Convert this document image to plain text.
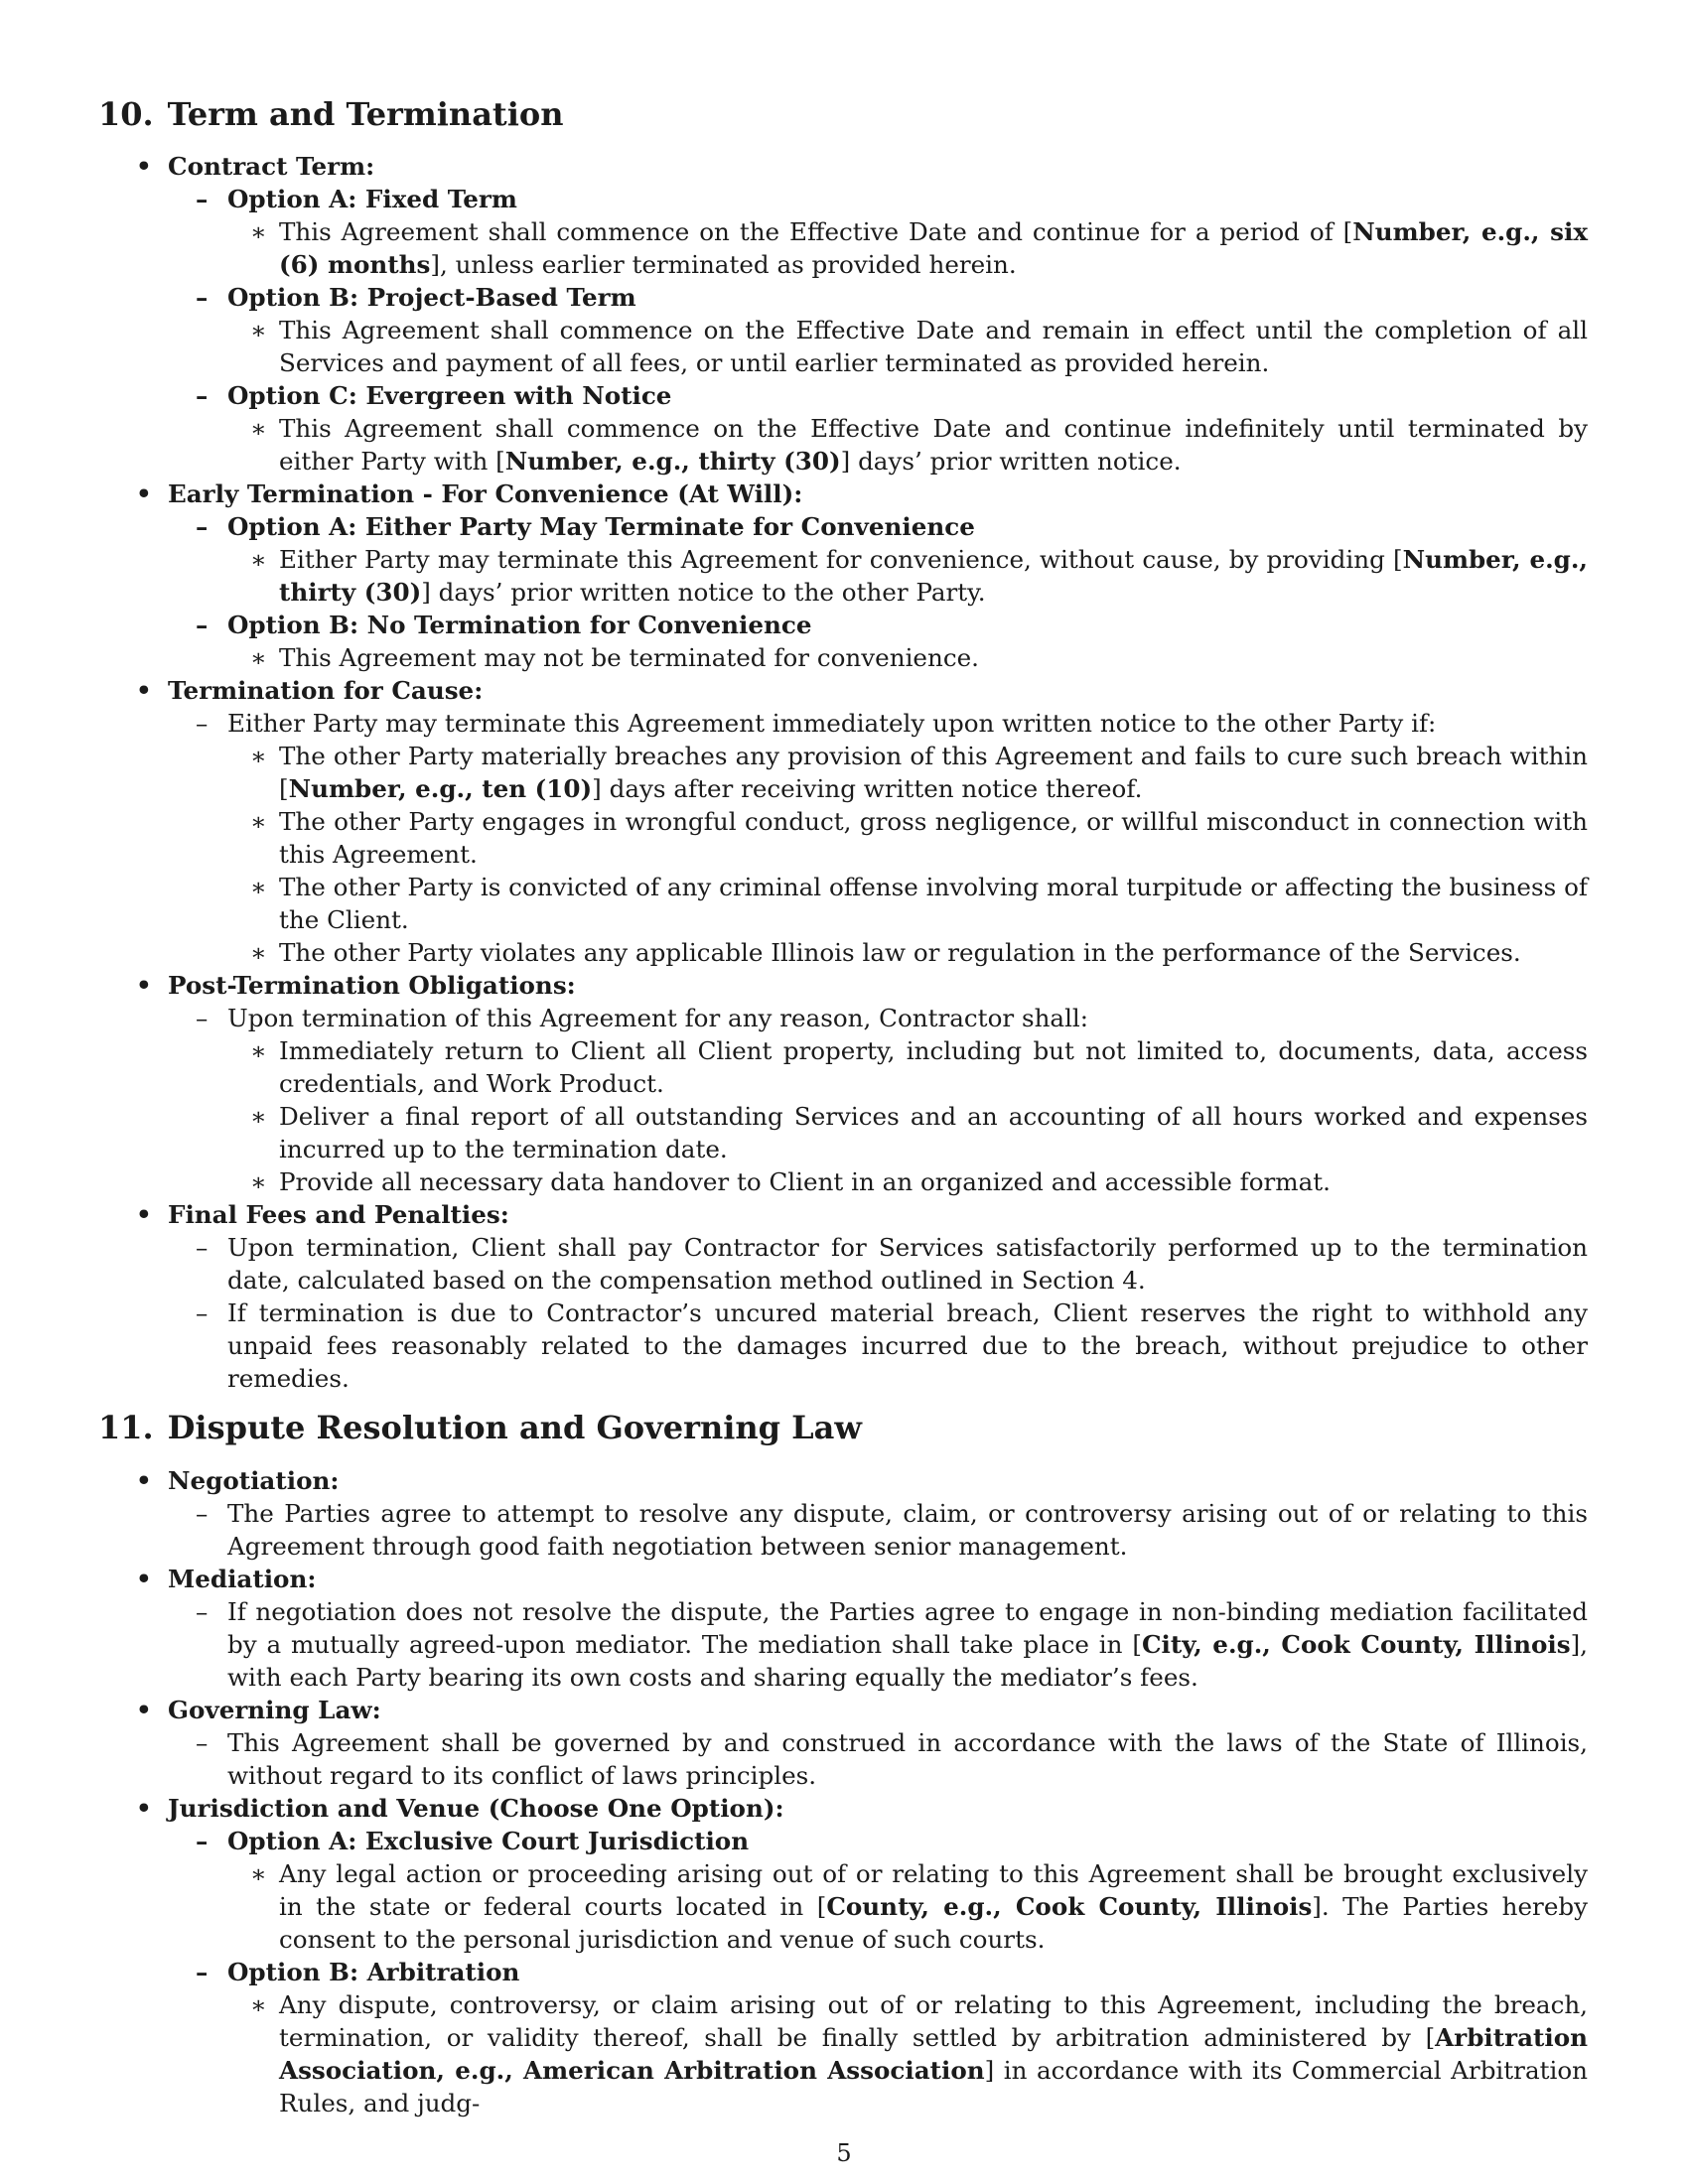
10. Term and Termination
• Contract Term:
– Option A: Fixed Term
∗ This Agreement shall commence on the Effective Date and continue for a period of [Number, e.g., six (6) months], unless earlier terminated as provided herein.
– Option B: Project-Based Term
∗ This Agreement shall commence on the Effective Date and remain in effect until the completion of all Services and payment of all fees, or until earlier terminated as provided herein.
– Option C: Evergreen with Notice
∗ This Agreement shall commence on the Effective Date and continue indefinitely until terminated by either Party with [Number, e.g., thirty (30)] days’ prior written notice.
• Early Termination - For Convenience (At Will):
– Option A: Either Party May Terminate for Convenience
∗ Either Party may terminate this Agreement for convenience, without cause, by providing [Number, e.g., thirty (30)] days’ prior written notice to the other Party.
– Option B: No Termination for Convenience
∗ This Agreement may not be terminated for convenience.
• Termination for Cause:
– Either Party may terminate this Agreement immediately upon written notice to the other Party if:
∗ The other Party materially breaches any provision of this Agreement and fails to cure such breach within [Number, e.g., ten (10)] days after receiving written notice thereof.
∗ The other Party engages in wrongful conduct, gross negligence, or willful misconduct in connection with this Agreement.
∗ The other Party is convicted of any criminal offense involving moral turpitude or affecting the business of the Client.
∗ The other Party violates any applicable Illinois law or regulation in the performance of the Services.
• Post-Termination Obligations:
– Upon termination of this Agreement for any reason, Contractor shall:
∗ Immediately return to Client all Client property, including but not limited to, documents, data, access credentials, and Work Product.
∗ Deliver a final report of all outstanding Services and an accounting of all hours worked and expenses incurred up to the termination date.
∗ Provide all necessary data handover to Client in an organized and accessible format.
• Final Fees and Penalties:
– Upon termination, Client shall pay Contractor for Services satisfactorily performed up to the termination date, calculated based on the compensation method outlined in Section 4.
– If termination is due to Contractor’s uncured material breach, Client reserves the right to withhold any unpaid fees reasonably related to the damages incurred due to the breach, without prejudice to other remedies.
11. Dispute Resolution and Governing Law
• Negotiation:
– The Parties agree to attempt to resolve any dispute, claim, or controversy arising out of or relating to this Agreement through good faith negotiation between senior management.
• Mediation:
– If negotiation does not resolve the dispute, the Parties agree to engage in non-binding mediation facilitated by a mutually agreed-upon mediator. The mediation shall take place in [City, e.g., Cook County, Illinois], with each Party bearing its own costs and sharing equally the mediator’s fees.
• Governing Law:
– This Agreement shall be governed by and construed in accordance with the laws of the State of Illinois, without regard to its conflict of laws principles.
• Jurisdiction and Venue (Choose One Option):
– Option A: Exclusive Court Jurisdiction
∗ Any legal action or proceeding arising out of or relating to this Agreement shall be brought exclusively in the state or federal courts located in [County, e.g., Cook County, Illinois]. The Parties hereby consent to the personal jurisdiction and venue of such courts.
– Option B: Arbitration
∗ Any dispute, controversy, or claim arising out of or relating to this Agreement, including the breach, termination, or validity thereof, shall be finally settled by arbitration administered by [Arbitration Association, e.g., American Arbitration Association] in accordance with its Commercial Arbitration Rules, and judg-
5
